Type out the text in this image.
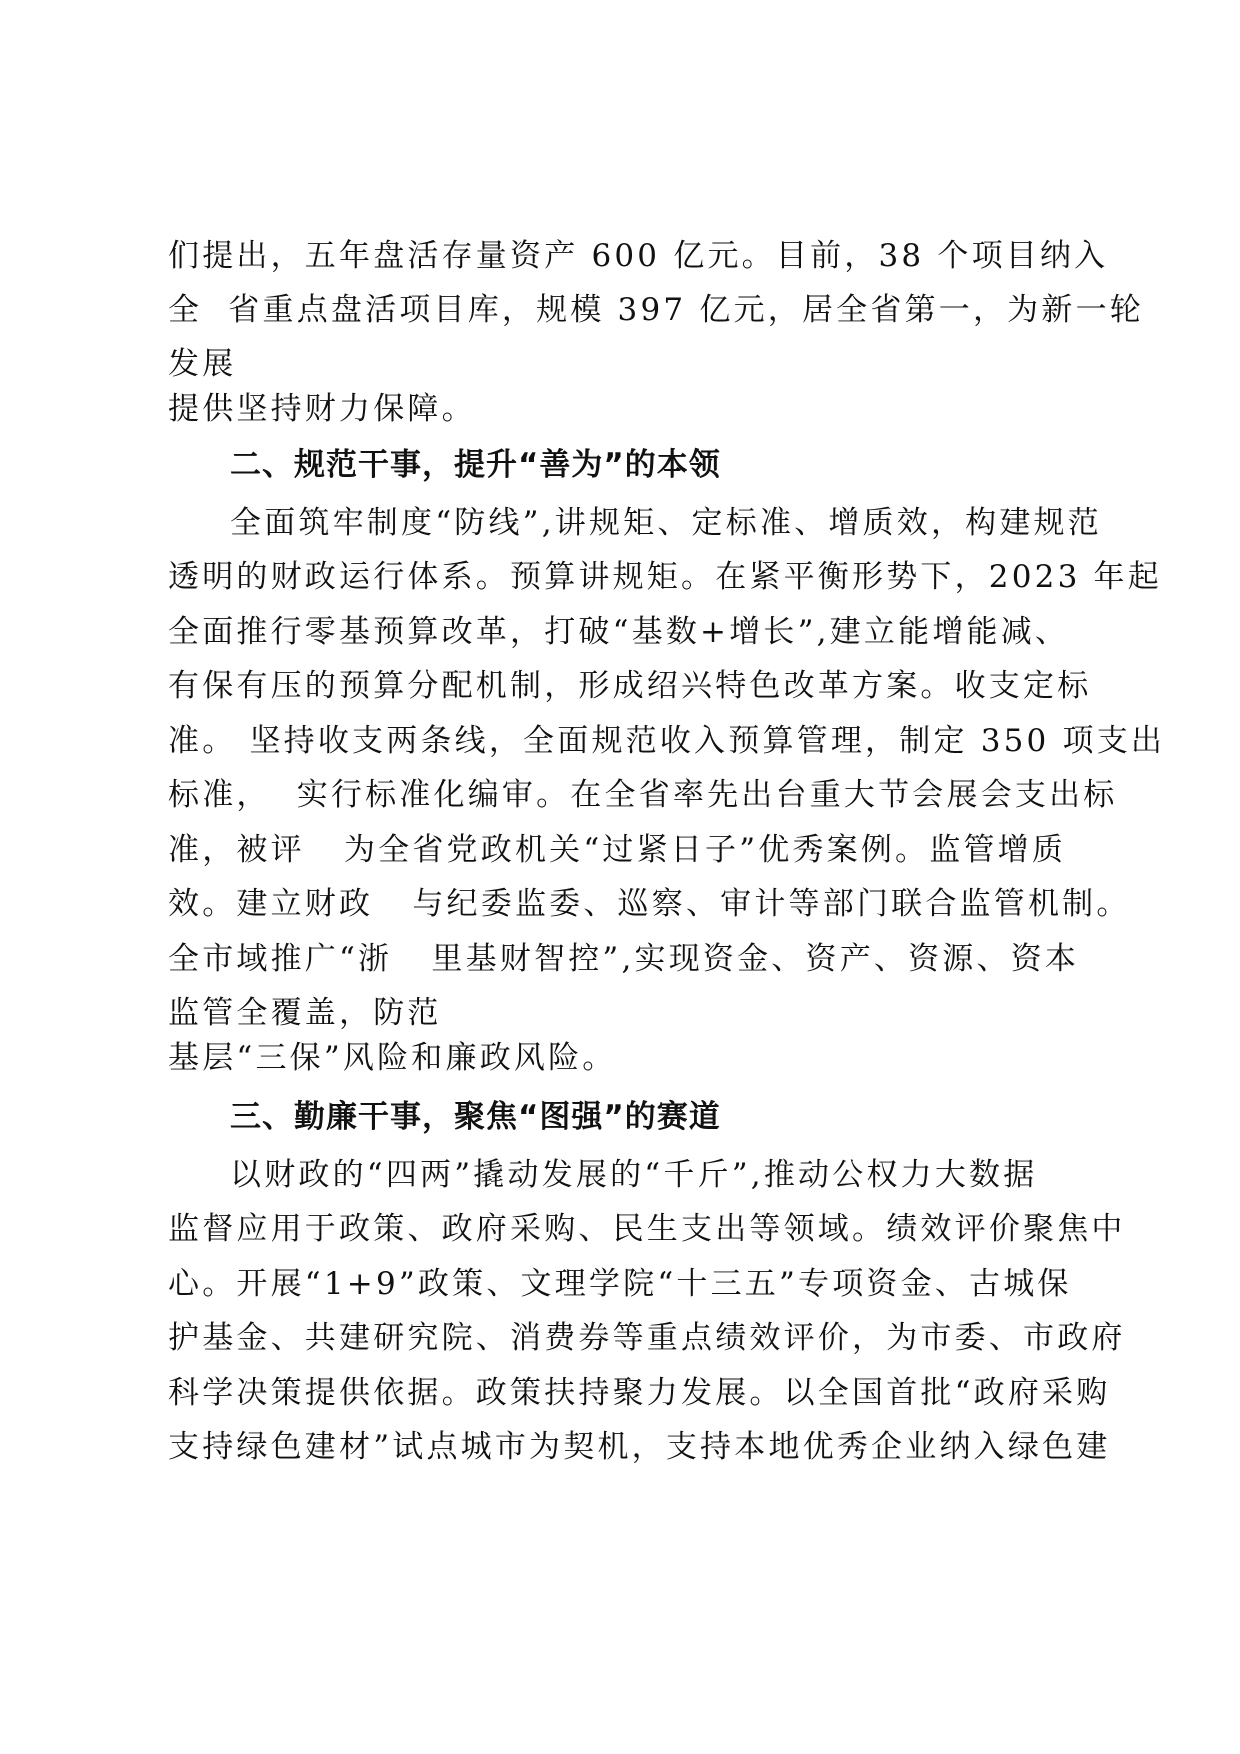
们提出，五年盘活存量资产 600 亿元。目前，38 个项目纳入
全  省重点盘活项目库，规模 397 亿元，居全省第一，为新一轮
发展
提供坚持财力保障。
二、规范干事，提升“善为”的本领
全面筑牢制度“防线”,讲规矩、定标准、增质效，构建规范
透明的财政运行体系。预算讲规矩。在紧平衡形势下，2023 年起
全面推行零基预算改革，打破“基数+增长”,建立能增能减、
有保有压的预算分配机制，形成绍兴特色改革方案。收支定标
准。 坚持收支两条线，全面规范收入预算管理，制定 350 项支出
标准，  实行标准化编审。在全省率先出台重大节会展会支出标
准，被评   为全省党政机关“过紧日子”优秀案例。监管增质
效。建立财政   与纪委监委、巡察、审计等部门联合监管机制。
全市域推广“浙   里基财智控”,实现资金、资产、资源、资本
监管全覆盖，防范
基层“三保”风险和廉政风险。
三、勤廉干事，聚焦“图强”的赛道
以财政的“四两”撬动发展的“千斤”,推动公权力大数据
监督应用于政策、政府采购、民生支出等领域。绩效评价聚焦中
心。开展“1+9”政策、文理学院“十三五”专项资金、古城保
护基金、共建研究院、消费券等重点绩效评价，为市委、市政府
科学决策提供依据。政策扶持聚力发展。以全国首批“政府采购
支持绿色建材”试点城市为契机，支持本地优秀企业纳入绿色建
